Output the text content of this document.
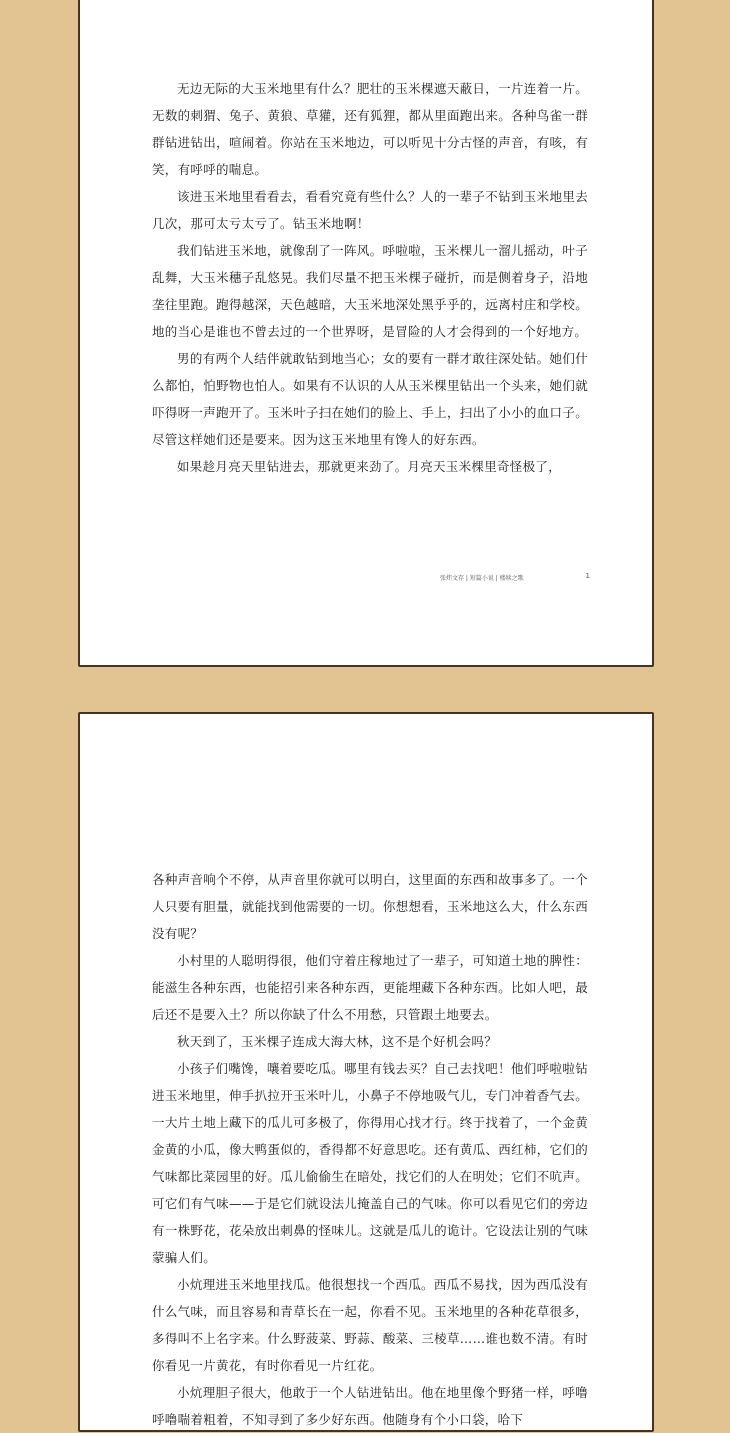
无边无际的大玉米地里有什么？肥壮的玉米棵遮天蔽日，一片连着一片。无数的刺猬、兔子、黄狼、草獾，还有狐狸，都从里面跑出来。各种鸟雀一群群钻进钻出，喧闹着。你站在玉米地边，可以听见十分古怪的声音，有咳，有笑，有呼呼的喘息。

该进玉米地里看看去，看看究竟有些什么？人的一辈子不钻到玉米地里去几次，那可太亏太亏了。钻玉米地啊！

我们钻进玉米地，就像刮了一阵风。呼啦啦，玉米棵儿一溜儿摇动，叶子乱舞，大玉米穗子乱悠晃。我们尽量不把玉米棵子碰折，而是侧着身子，沿地垄往里跑。跑得越深，天色越暗，大玉米地深处黑乎乎的，远离村庄和学校。地的当心是谁也不曾去过的一个世界呀，是冒险的人才会得到的一个好地方。

男的有两个人结伴就敢钻到地当心；女的要有一群才敢往深处钻。她们什么都怕，怕野物也怕人。如果有不认识的人从玉米棵里钻出一个头来，她们就吓得呀一声跑开了。玉米叶子扫在她们的脸上、手上，扫出了小小的血口子。尽管这样她们还是要来。因为这玉米地里有馋人的好东西。

如果趁月亮天里钻进去，那就更来劲了。月亮天玉米棵里奇怪极了，

张炜文存 | 短篇小说 | 楼犊之歌	1

各种声音响个不停，从声音里你就可以明白，这里面的东西和故事多了。一个人只要有胆量，就能找到他需要的一切。你想想看，玉米地这么大，什么东西没有呢？

小村里的人聪明得很，他们守着庄稼地过了一辈子，可知道土地的脾性：能滋生各种东西，也能招引来各种东西，更能埋藏下各种东西。比如人吧，最后还不是要入土？所以你缺了什么不用愁，只管跟土地要去。

秋天到了，玉米棵子连成大海大林，这不是个好机会吗？

小孩子们嘴馋，嚷着要吃瓜。哪里有钱去买？自己去找吧！他们呼啦啦钻进玉米地里，伸手扒拉开玉米叶儿，小鼻子不停地吸气儿，专门冲着香气去。一大片土地上藏下的瓜儿可多极了，你得用心找才行。终于找着了，一个金黄金黄的小瓜，像大鸭蛋似的，香得都不好意思吃。还有黄瓜、西红柿，它们的气味都比菜园里的好。瓜儿偷偷生在暗处，找它们的人在明处；它们不吭声。可它们有气味——于是它们就设法儿掩盖自己的气味。你可以看见它们的旁边有一株野花，花朵放出刺鼻的怪味儿。这就是瓜儿的诡计。它设法让别的气味蒙骗人们。

小炕理进玉米地里找瓜。他很想找一个西瓜。西瓜不易找，因为西瓜没有什么气味，而且容易和青草长在一起，你看不见。玉米地里的各种花草很多，多得叫不上名字来。什么野菠菜、野蒜、酸菜、三棱草……谁也数不清。有时你看见一片黄花，有时你看见一片红花。

小炕理胆子很大，他敢于一个人钻进钻出。他在地里像个野猪一样，呼噜呼噜喘着粗着，不知寻到了多少好东西。他随身有个小口袋，哈下
